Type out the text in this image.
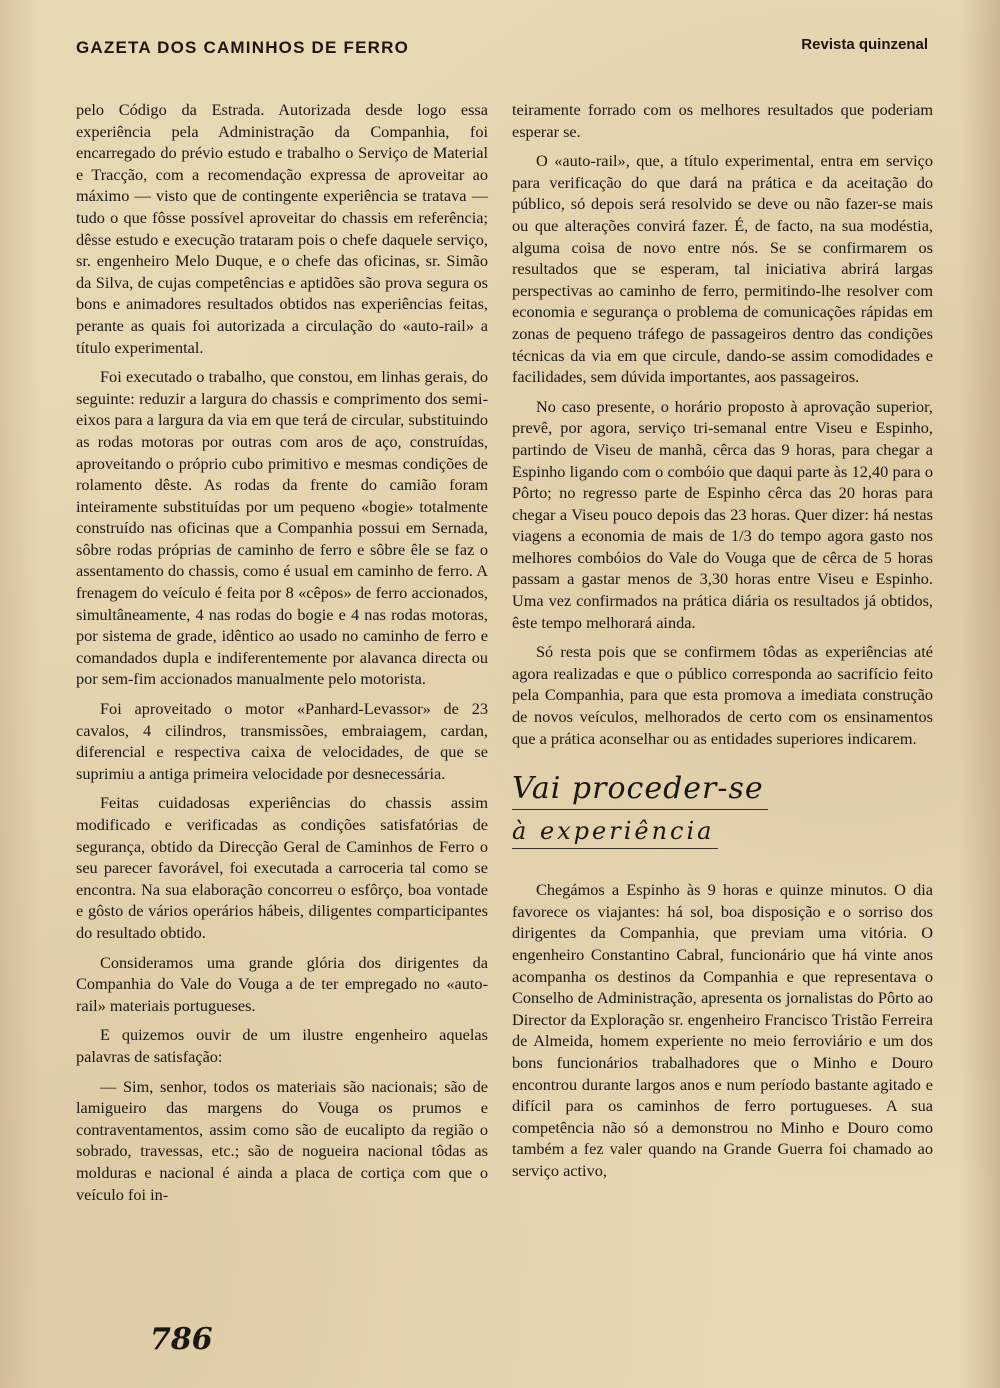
GAZETA DOS CAMINHOS DE FERRO	Revista quinzenal

pelo Código da Estrada. Autorizada desde logo essa experiência pela Administração da Companhia, foi encarregado do prévio estudo e trabalho o Serviço de Material e Tracção, com a recomendação expressa de aproveitar ao máximo — visto que de contingente experiência se tratava — tudo o que fôsse possível aproveitar do chassis em referência; dêsse estudo e execução trataram pois o chefe daquele serviço, sr. engenheiro Melo Duque, e o chefe das oficinas, sr. Simão da Silva, de cujas competências e aptidões são prova segura os bons e animadores resultados obtidos nas experiências feitas, perante as quais foi autorizada a circulação do «auto-rail» a título experimental.

Foi executado o trabalho, que constou, em linhas gerais, do seguinte: reduzir a largura do chassis e comprimento dos semi-eixos para a largura da via em que terá de circular, substituindo as rodas motoras por outras com aros de aço, construídas, aproveitando o próprio cubo primitivo e mesmas condições de rolamento dêste. As rodas da frente do camião foram inteiramente substituídas por um pequeno «bogie» totalmente construído nas oficinas que a Companhia possui em Sernada, sôbre rodas próprias de caminho de ferro e sôbre êle se faz o assentamento do chassis, como é usual em caminho de ferro. A frenagem do veículo é feita por 8 «cêpos» de ferro accionados, simultâneamente, 4 nas rodas do bogie e 4 nas rodas motoras, por sistema de grade, idêntico ao usado no caminho de ferro e comandados dupla e indiferentemente por alavanca directa ou por sem-fim accionados manualmente pelo motorista.

Foi aproveitado o motor «Panhard-Levassor» de 23 cavalos, 4 cilindros, transmissões, embraiagem, cardan, diferencial e respectiva caixa de velocidades, de que se suprimiu a antiga primeira velocidade por desnecessária.

Feitas cuidadosas experiências do chassis assim modificado e verificadas as condições satisfatórias de segurança, obtido da Direcção Geral de Caminhos de Ferro o seu parecer favorável, foi executada a carroceria tal como se encontra. Na sua elaboração concorreu o esfôrço, boa vontade e gôsto de vários operários hábeis, diligentes comparticipantes do resultado obtido.

Consideramos uma grande glória dos dirigentes da Companhia do Vale do Vouga a de ter empregado no «auto-rail» materiais portugueses.

E quizemos ouvir de um ilustre engenheiro aquelas palavras de satisfação:

— Sim, senhor, todos os materiais são nacionais; são de lamigueiro das margens do Vouga os prumos e contraventamentos, assim como são de eucalipto da região o sobrado, travessas, etc.; são de nogueira nacional tôdas as molduras e nacional é ainda a placa de cortiça com que o veículo foi in-

teiramente forrado com os melhores resultados que poderiam esperar se.

O «auto-rail», que, a título experimental, entra em serviço para verificação do que dará na prática e da aceitação do público, só depois será resolvido se deve ou não fazer-se mais ou que alterações convirá fazer. É, de facto, na sua modéstia, alguma coisa de novo entre nós. Se se confirmarem os resultados que se esperam, tal iniciativa abrirá largas perspectivas ao caminho de ferro, permitindo-lhe resolver com economia e segurança o problema de comunicações rápidas em zonas de pequeno tráfego de passageiros dentro das condições técnicas da via em que circule, dando-se assim comodidades e facilidades, sem dúvida importantes, aos passageiros.

No caso presente, o horário proposto à aprovação superior, prevê, por agora, serviço tri-semanal entre Viseu e Espinho, partindo de Viseu de manhã, cêrca das 9 horas, para chegar a Espinho ligando com o combóio que daqui parte às 12,40 para o Pôrto; no regresso parte de Espinho cêrca das 20 horas para chegar a Viseu pouco depois das 23 horas. Quer dizer: há nestas viagens a economia de mais de 1/3 do tempo agora gasto nos melhores combóios do Vale do Vouga que de cêrca de 5 horas passam a gastar menos de 3,30 horas entre Viseu e Espinho. Uma vez confirmados na prática diária os resultados já obtidos, êste tempo melhorará ainda.

Só resta pois que se confirmem tôdas as experiências até agora realizadas e que o público corresponda ao sacrifício feito pela Companhia, para que esta promova a imediata construção de novos veículos, melhorados de certo com os ensinamentos que a prática aconselhar ou as entidades superiores indicarem.

Vai proceder-se
à experiência

Chegámos a Espinho às 9 horas e quinze minutos. O dia favorece os viajantes: há sol, boa disposição e o sorriso dos dirigentes da Companhia, que previam uma vitória. O engenheiro Constantino Cabral, funcionário que há vinte anos acompanha os destinos da Companhia e que representava o Conselho de Administração, apresenta os jornalistas do Pôrto ao Director da Exploração sr. engenheiro Francisco Tristão Ferreira de Almeida, homem experiente no meio ferroviário e um dos bons funcionários trabalhadores que o Minho e Douro encontrou durante largos anos e num período bastante agitado e difícil para os caminhos de ferro portugueses. A sua competência não só a demonstrou no Minho e Douro como também a fez valer quando na Grande Guerra foi chamado ao serviço activo,

786
